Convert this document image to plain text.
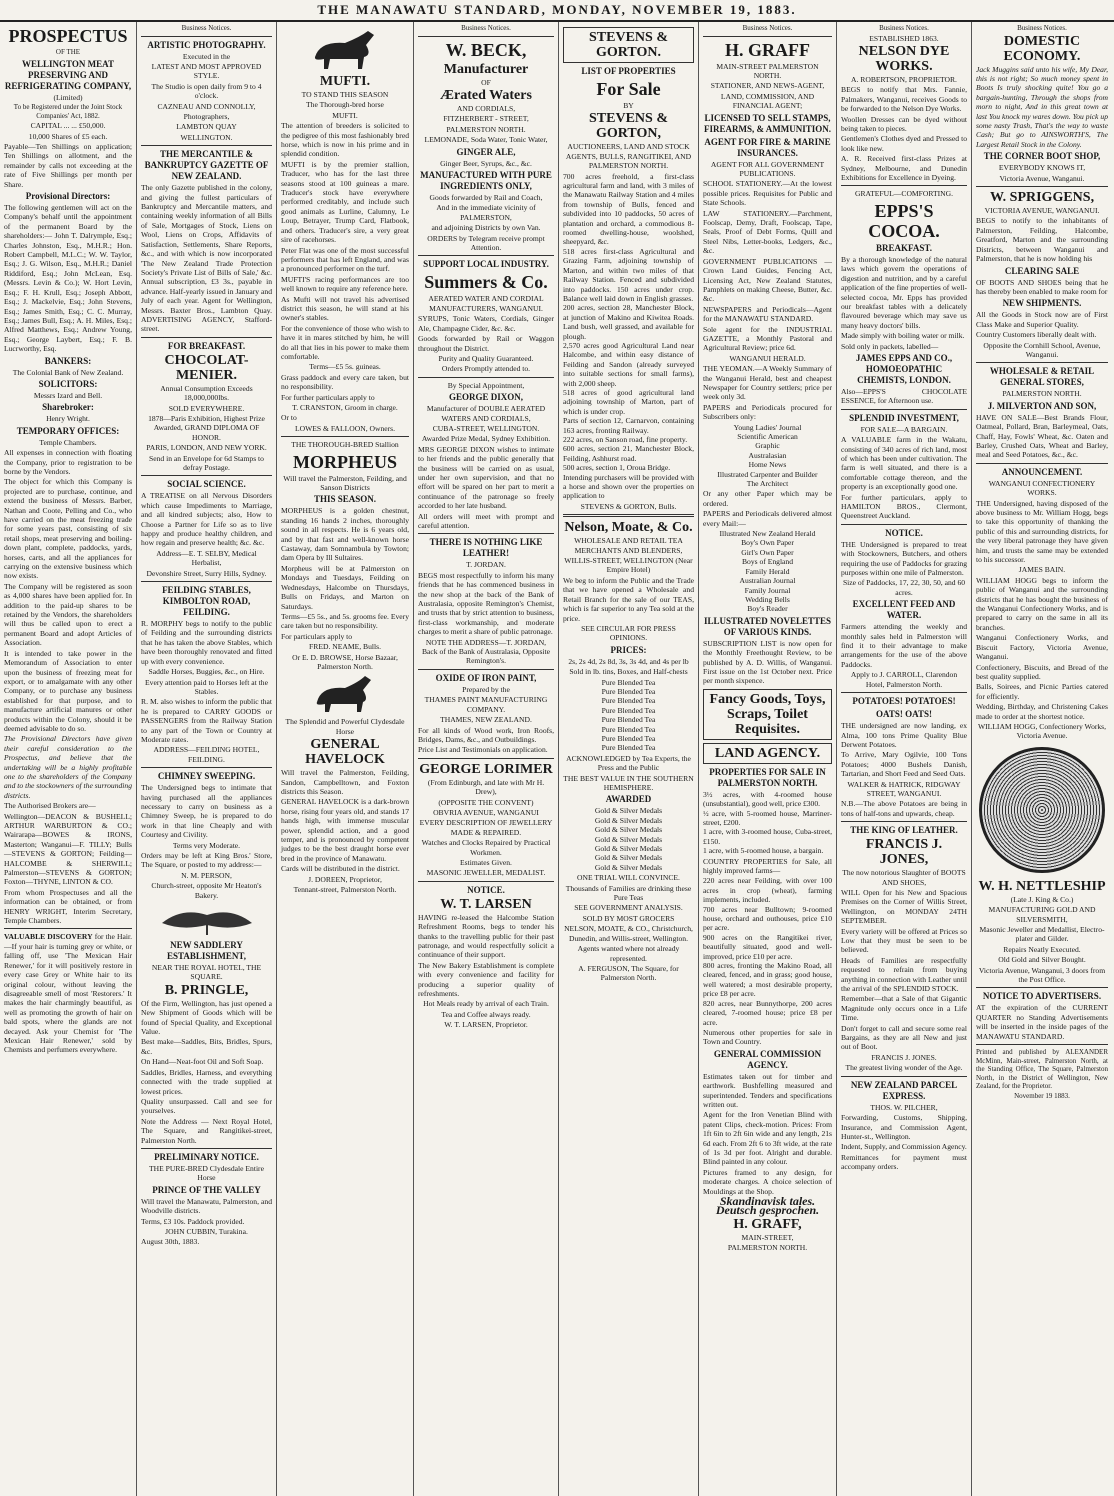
THE MANAWATU STANDARD, MONDAY, NOVEMBER 19, 1883.
PROSPECTUS
OF THE
WELLINGTON MEAT PRESERVING AND REFRIGERATING COMPANY,
(Limited)

To be Registered under the Joint Stock Companies' Act, 1882.

CAPITAL ... ... £50,000.

10,000 Shares of £5 each.

Payable—Ten Shillings on application; Ten Shillings on allotment, and the remainder by calls not exceeding at the rate of Five Shillings per month per Share.

Provisional Directors:

The following gentlemen will act on the Company's behalf until the appointment of the permanent Board by the shareholders:— John T. Dalrymple, Esq.; Charles Johnston, Esq., M.H.R.; Hon. Robert Campbell, M.L.C.; W. W. Taylor, Esq.; J. G. Wilson, Esq., M.H.R.; Daniel Riddiford, Esq.; John McLean, Esq. (Messrs. Levin & Co.); W. Hort Levin, Esq.; F. H. Krull, Esq.; Joseph Abbott, Esq.; J. Mackelvie, Esq.; John Stevens, Esq.; James Smith, Esq.; C. C. Murray, Esq.; James Bull, Esq.; A. H. Miles, Esq.; Alfred Matthews, Esq.; Andrew Young, Esq.; George Laybert, Esq.; F. B. Lucrworthy, Esq.

BANKERS:

The Colonial Bank of New Zealand.

SOLICITORS:

Messrs Izard and Bell.

Sharebroker:

Henry Wright.

TEMPORARY OFFICES:

Temple Chambers.

All expenses in connection with floating the Company, prior to registration to be borne by the Vendors.

The object for which this Company is projected are to purchase, continue, and extend the business of Messrs. Barber, Nathan and Coote, Pelling and Co., who have carried on the meat freezing trade for some years past, consisting of six retail shops, meat preserving and boiling-down plant, complete, paddocks, yards, horses, carts, and all the appliances for carrying on the extensive business which now exists.

The Company will be registered as soon as 4,000 shares have been applied for. In addition to the paid-up shares to be retained by the Vendors, the shareholders will thus be called upon to erect a permanent Board and adopt Articles of Association.

It is intended to take power in the Memorandum of Association to enter upon the business of freezing meat for export, or to amalgamate with any other Company, or to purchase any business established for that purpose, and to manufacture artificial manures or other products within the Colony, should it be deemed advisable to do so.

The Provisional Directors have given their careful consideration to the Prospectus, and believe that the undertaking will be a highly profitable one to the shareholders of the Company and to the stockowners of the surrounding districts.

The Authorised Brokers are—

Wellington—DEACON & BUSHELL; ARTHUR WARBURTON & CO.; Wairarapa—BOWES & IRONS, Masterton; Wanganui—F. TILLY; Bulls—STEVENS & GORTON; Feilding—HALCOMBE & SHERWILL; Palmerston—STEVENS & GORTON; Foxton—THYNE, LINTON & CO.

From whom Prospectuses and all the information can be obtained, or from HENRY WRIGHT, Interim Secretary, Temple Chambers.

VALUABLE DISCOVERY for the Hair.—If your hair is turning grey or white, or falling off, use 'The Mexican Hair Renewer,' for it will positively restore in every case Grey or White hair to its original colour, without leaving the disagreeable smell of most 'Restorers.' It makes the hair charmingly beautiful, as well as promoting the growth of hair on bald spots, where the glands are not decayed. Ask your Chemist for 'The Mexican Hair Renewer,' sold by Chemists and perfumers everywhere.

Business Notices.
ARTISTIC PHOTOGRAPHY.

Executed in the

LATEST AND MOST APPROVED STYLE.

The Studio is open daily from 9 to 4 o'clock.

CAZNEAU AND CONNOLLY,

Photographers,

LAMBTON QUAY

WELLINGTON.

THE MERCANTILE & BANKRUPTCY GAZETTE OF NEW ZEALAND.

The only Gazette published in the colony, and giving the fullest particulars of Bankruptcy and Mercantile matters, and containing weekly information of all Bills of Sale, Mortgages of Stock, Liens on Wool, Liens on Crops, Affidavits of Satisfaction, Settlements, Share Reports, &c., and with which is now incorporated 'The New Zealand Trade Protection Society's Private List of Bills of Sale,' &c. Annual subscription, £3 3s., payable in advance. Half-yearly issued in January and July of each year. Agent for Wellington, Messrs. Baxter Bros., Lambton Quay. ADVERTISING AGENCY, Stafford-street.

FOR BREAKFAST.
CHOCOLAT-MENIER.

Annual Consumption Exceeds 18,000,000lbs.

SOLD EVERYWHERE.

1878—Paris Exhibition, Highest Prize Awarded, GRAND DIPLOMA OF HONOR.

PARIS, LONDON, AND NEW YORK.

Send in an Envelope for 6d Stamps to defray Postage.

SOCIAL SCIENCE.

A TREATISE on all Nervous Disorders which cause Impediments to Marriage, and all kindred subjects; also, How to Choose a Partner for Life so as to live happy and produce healthy children, and how regain and preserve health; &c. &c.

Address—E. T. SELBY, Medical Herbalist,

Devonshire Street, Surry Hills, Sydney.

FEILDING STABLES, KIMBOLTON ROAD, FEILDING.

R. MORPHY begs to notify to the public of Feilding and the surrounding districts that he has taken the above Stables, which have been thoroughly renovated and fitted up with every convenience.

Saddle Horses, Buggies, &c., on Hire.

Every attention paid to Horses left at the Stables.

R. M. also wishes to inform the public that he is prepared to CARRY GOODS or PASSENGERS from the Railway Station to any part of the Town or Country at Moderate rates.

ADDRESS—FEILDING HOTEL, FEILDING.

CHIMNEY SWEEPING.

The Undersigned begs to intimate that having purchased all the appliances necessary to carry on business as a Chimney Sweep, he is prepared to do work in that line Cheaply and with Courtesy and Civility.

Terms very Moderate.

Orders may be left at King Bros.' Store, The Square, or posted to my address:—

N. M. PERSON,

Church-street, opposite Mr Heaton's Bakery.

NEW SADDLERY ESTABLISHMENT,

NEAR THE ROYAL HOTEL, THE SQUARE.

B. PRINGLE,

Of the Firm, Wellington, has just opened a New Shipment of Goods which will be found of Special Quality, and Exceptional Value.

Best make—Saddles, Bits, Bridles, Spurs, &c.

On Hand—Neat-foot Oil and Soft Soap.

Saddles, Bridles, Harness, and everything connected with the trade supplied at lowest prices.

Quality unsurpassed. Call and see for yourselves.

Note the Address — Next Royal Hotel, The Square, and Rangitikei-street, Palmerston North.

PRELIMINARY NOTICE.

THE PURE-BRED Clydesdale Entire Horse

PRINCE OF THE VALLEY

Will travel the Manawatu, Palmerston, and Woodville districts.

Terms, £3 10s. Paddock provided.

JOHN CUBBIN, Turakina.

August 30th, 1883.

MUFTI.

TO STAND THIS SEASON

The Thorough-bred horse

MUFTI.

The attention of breeders is solicited to the pedigree of this most fashionably bred horse, which is now in his prime and in splendid condition.

MUFTI is by the premier stallion, Traducer, who has for the last three seasons stood at 100 guineas a mare. Traducer's stock have everywhere performed creditably, and include such good animals as Lurline, Calumny, Le Loup, Betrayer, Trump Card, Flatbook, and others. Traducer's sire, a very great sire of racehorses.

Peter Flat was one of the most successful performers that has left England, and was a pronounced performer on the turf.

MUFTI'S racing performances are too well known to require any reference here.

As Mufti will not travel his advertised district this season, he will stand at his owner's stables.

For the convenience of those who wish to have it in mares stitched by him, he will do all that lies in his power to make them comfortable.

Terms—£5 5s. guineas.

Grass paddock and every care taken, but no responsibility.

For further particulars apply to

T. CRANSTON, Groom in charge.

Or to

LOWES & FALLOON, Owners.

THE THOROUGH-BRED Stallion

MORPHEUS

Will travel the Palmerston, Feilding, and Sanson Districts

THIS SEASON.

MORPHEUS is a golden chestnut, standing 16 hands 2 inches, thoroughly sound in all respects. He is 6 years old, and by that fast and well-known horse Castaway, dam Somnambula by Towton; dam Opera by Ill Sultaires.

Morpheus will be at Palmerston on Mondays and Tuesdays, Feilding on Wednesdays, Halcombe on Thursdays, Bulls on Fridays, and Marton on Saturdays.

Terms—£5 5s., and 5s. grooms fee. Every care taken but no responsibility.

For particulars apply to

FRED. NEAME, Bulls.

Or E. D. BROWSE, Horse Bazaar, Palmerston North.

The Splendid and Powerful Clydesdale Horse

GENERAL HAVELOCK

Will travel the Palmerston, Feilding, Sandon, Campbelltown, and Foxton districts this Season.

GENERAL HAVELOCK is a dark-brown horse, rising four years old, and stands 17 hands high, with immense muscular power, splendid action, and a good temper, and is pronounced by competent judges to be the best draught horse ever bred in the province of Manawatu.

Cards will be distributed in the district.

J. DOREEN, Proprietor,

Tennant-street, Palmerston North.

Business Notices.
W. BECK,
Manufacturer

OF

Ærated Waters

AND CORDIALS,

FITZHERBERT - STREET,

PALMERSTON NORTH.

LEMONADE, Soda Water, Tonic Water,

GINGER ALE,

Ginger Beer, Syrups, &c., &c.

MANUFACTURED WITH PURE INGREDIENTS ONLY,

Goods forwarded by Rail and Coach,

And in the immediate vicinity of PALMERSTON,

and adjoining Districts by own Van.

ORDERS by Telegram receive prompt Attention.

SUPPORT LOCAL INDUSTRY.
Summers & Co.

AERATED WATER AND CORDIAL MANUFACTURERS, WANGANUI.

SYRUPS, Tonic Waters, Cordials, Ginger Ale, Champagne Cider, &c. &c.

Goods forwarded by Rail or Waggon throughout the District.

Purity and Quality Guaranteed.

Orders Promptly attended to.

By Special Appointment,

GEORGE DIXON,

Manufacturer of DOUBLE AERATED WATERS AND CORDIALS,

CUBA-STREET, WELLINGTON.

Awarded Prize Medal, Sydney Exhibition.

MRS GEORGE DIXON wishes to intimate to her friends and the public generally that the business will be carried on as usual, under her own supervision, and that no effort will be spared on her part to merit a continuance of the patronage so freely accorded to her late husband.

All orders will meet with prompt and careful attention.

THERE IS NOTHING LIKE LEATHER!

T. JORDAN.

BEGS most respectfully to inform his many friends that he has commenced business in the new shop at the back of the Bank of Australasia, opposite Remington's Chemist, and trusts that by strict attention to business, first-class workmanship, and moderate charges to merit a share of public patronage.

NOTE THE ADDRESS—T. JORDAN, Back of the Bank of Australasia, Opposite Remington's.

OXIDE OF IRON PAINT,

Prepared by the

THAMES PAINT MANUFACTURING COMPANY.

THAMES, NEW ZEALAND.

For all kinds of Wood work, Iron Roofs, Bridges, Dams, &c., and Outbuildings.

Price List and Testimonials on application.

GEORGE LORIMER

(From Edinburgh, and late with Mr H. Drew),

(OPPOSITE THE CONVENT)

OBVRIA AVENUE, WANGANUI

EVERY DESCRIPTION OF JEWELLERY MADE & REPAIRED.

Watches and Clocks Repaired by Practical Workmen.

Estimates Given.

MASONIC JEWELLER, MEDALIST.

NOTICE.
W. T. LARSEN

HAVING re-leased the Halcombe Station Refreshment Rooms, begs to tender his thanks to the travelling public for their past patronage, and would respectfully solicit a continuance of their support.

The New Bakery Establishment is complete with every convenience and facility for producing a superior quality of refreshments.

Hot Meals ready by arrival of each Train.

Tea and Coffee always ready.

W. T. LARSEN, Proprietor.

STEVENS & GORTON.
LIST OF PROPERTIES
For Sale

BY

STEVENS & GORTON,

AUCTIONEERS, LAND AND STOCK AGENTS, BULLS, RANGITIKEI, AND PALMERSTON NORTH.

700 acres freehold, a first-class agricultural farm and land, with 3 miles of the Manawatu Railway Station and 4 miles from township of Bulls, fenced and subdivided into 10 paddocks, 50 acres of plantation and orchard, a commodious 8-roomed dwelling-house, woolshed, sheepyard, &c.

518 acres first-class Agricultural and Grazing Farm, adjoining township of Marton, and within two miles of that Railway Station. Fenced and subdivided into paddocks. 150 acres under crop. Balance well laid down in English grasses.

200 acres, section 28, Manchester Block, at junction of Makino and Kiwitea Roads. Land bush, well grassed, and available for plough.

2,570 acres good Agricultural Land near Halcombe, and within easy distance of Feilding and Sandon (already surveyed into suitable sections for small farms), with 2,000 sheep.

518 acres of good agricultural land adjoining township of Marton, part of which is under crop.

Parts of section 12, Carnarvon, containing 163 acres, fronting Railway.

222 acres, on Sanson road, fine property.

600 acres, section 21, Manchester Block, Feilding, Ashhurst road.

500 acres, section 1, Oroua Bridge.

Intending purchasers will be provided with a horse and shown over the properties on application to

STEVENS & GORTON, Bulls.

Nelson, Moate, & Co.

WHOLESALE AND RETAIL TEA MERCHANTS AND BLENDERS,

WILLIS-STREET, WELLINGTON (Near Empire Hotel)

We beg to inform the Public and the Trade that we have opened a Wholesale and Retail Branch for the sale of our TEAS, which is far superior to any Tea sold at the price.

SEE CIRCULAR FOR PRESS OPINIONS.

PRICES:

2s, 2s 4d, 2s 8d, 3s, 3s 4d, and 4s per lb

Sold in lb. tins, Boxes, and Half-chests

Pure Blended Tea

Pure Blended Tea

Pure Blended Tea

Pure Blended Tea

Pure Blended Tea

Pure Blended Tea

Pure Blended Tea

Pure Blended Tea

ACKNOWLEDGED by Tea Experts, the Press and the Public

THE BEST VALUE IN THE SOUTHERN HEMISPHERE.

AWARDED

Gold & Silver Medals

Gold & Silver Medals

Gold & Silver Medals

Gold & Silver Medals

Gold & Silver Medals

Gold & Silver Medals

Gold & Silver Medals

ONE TRIAL WILL CONVINCE.

Thousands of Families are drinking these Pure Teas

SEE GOVERNMENT ANALYSIS.

SOLD BY MOST GROCERS

NELSON, MOATE, & CO., Christchurch, Dunedin, and Willis-street, Wellington.

Agents wanted where not already represented.

A. FERGUSON, The Square, for Palmerston North.

Business Notices.
H. GRAFF

MAIN-STREET PALMERSTON NORTH.

STATIONER, AND NEWS-AGENT,

LAND, COMMISSION, AND FINANCIAL AGENT;

LICENSED TO SELL STAMPS, FIREARMS, & AMMUNITION.
AGENT FOR FIRE & MARINE INSURANCES.

AGENT FOR ALL GOVERNMENT PUBLICATIONS.

SCHOOL STATIONERY.—At the lowest possible prices. Requisites for Public and State Schools.

LAW STATIONERY.—Parchment, Foolscap, Demy, Draft, Foolscap, Tape, Seals, Proof of Debt Forms, Quill and Steel Nibs, Letter-books, Ledgers, &c., &c.

GOVERNMENT PUBLICATIONS — Crown Land Guides, Fencing Act, Licensing Act, New Zealand Statutes, Pamphlets on making Cheese, Butter, &c. &c.

NEWSPAPERS and Periodicals—Agent for the MANAWATU STANDARD.

Sole agent for the INDUSTRIAL GAZETTE, a Monthly Pastoral and Agricultural Review; price 6d.

WANGANUI HERALD.

THE YEOMAN.—A Weekly Summary of the Wanganui Herald, best and cheapest Newspaper for Country settlers; price per week only 3d.

PAPERS and Periodicals procured for Subscribers only:

Young Ladies' Journal

Scientific American

Graphic

Australasian

Home News

Illustrated Carpenter and Builder

The Architect

Or any other Paper which may be ordered.

PAPERS and Periodicals delivered almost every Mail:—

Illustrated New Zealand Herald

Boy's Own Paper

Girl's Own Paper

Boys of England

Family Herald

Australian Journal

Family Journal

Wedding Bells

Boy's Reader

ILLUSTRATED NOVELETTES OF VARIOUS KINDS.

SUBSCRIPTION LIST is now open for the Monthly Freethought Review, to be published by A. D. Willis, of Wanganui. First issue on the 1st October next. Price per month sixpence.

Fancy Goods, Toys, Scraps, Toilet Requisites.
LAND AGENCY.
PROPERTIES FOR SALE IN PALMERSTON NORTH.

3½ acres, with 4-roomed house (unsubstantial), good well, price £300.

½ acre, with 5-roomed house, Marriner-street, £200.

1 acre, with 3-roomed house, Cuba-street, £150.

1 acre, with 5-roomed house, a bargain.

COUNTRY PROPERTIES for Sale, all highly improved farms—

220 acres near Feilding, with over 100 acres in crop (wheat), farming implements, included.

700 acres near Bulltown; 9-roomed house, orchard and outhouses, price £10 per acre.

900 acres on the Rangitikei river, beautifully situated, good and well-improved, price £10 per acre.

800 acres, fronting the Makino Road, all cleared, fenced, and in grass; good house, well watered; a most desirable property, price £8 per acre.

820 acres, near Bunnythorpe, 200 acres cleared, 7-roomed house; price £8 per acre.

Numerous other properties for sale in Town and Country.

GENERAL COMMISSION AGENCY.

Estimates taken out for timber and earthwork. Bushfelling measured and superintended. Tenders and specifications written out.

Agent for the Iron Venetian Blind with patent Clips, check-motion. Prices: From 1ft 6in to 2ft 6in wide and any length, 21s 6d each. From 2ft 6 to 3ft wide, at the rate of 1s 3d per foot. Alright and durable. Blind painted in any colour.

Pictures framed to any design, for moderate charges. A choice selection of Mouldings at the Shop.

Skandinavisk tales. Deutsch gesprochen.
H. GRAFF,

MAIN-STREET,

PALMERSTON NORTH.

Business Notices.

ESTABLISHED 1863.

NELSON DYE WORKS.

A. ROBERTSON, PROPRIETOR.

BEGS to notify that Mrs. Fannie, Palmakers, Wanganui, receives Goods to be forwarded to the Nelson Dye Works.

Woollen Dresses can be dyed without being taken to pieces.

Gentlemen's Clothes dyed and Pressed to look like new.

A. R. Received first-class Prizes at Sydney, Melbourne, and Dunedin Exhibitions for Excellence in Dyeing.

GRATEFUL—COMFORTING.

EPPS'S COCOA.
BREAKFAST.

By a thorough knowledge of the natural laws which govern the operations of digestion and nutrition, and by a careful application of the fine properties of well-selected cocoa, Mr. Epps has provided our breakfast tables with a delicately flavoured beverage which may save us many heavy doctors' bills.

Made simply with boiling water or milk.

Sold only in packets, labelled—

JAMES EPPS AND CO., HOMOEOPATHIC CHEMISTS, LONDON.

Also—EPPS'S CHOCOLATE ESSENCE, for Afternoon use.

SPLENDID INVESTMENT,

FOR SALE—A BARGAIN.

A VALUABLE farm in the Wakatu, consisting of 340 acres of rich land, most of which has been under cultivation. The farm is well situated, and there is a comfortable cottage thereon, and the property is an exceptionally good one.

For further particulars, apply to HAMILTON BROS., Clermont, Queenstreet Auckland.

NOTICE.

THE Undersigned is prepared to treat with Stockowners, Butchers, and others requiring the use of Paddocks for grazing purposes within one mile of Palmerston.

Size of Paddocks, 17, 22, 30, 50, and 60 acres.

EXCELLENT FEED AND WATER.

Farmers attending the weekly and monthly sales held in Palmerston will find it to their advantage to make arrangements for the use of the above Paddocks.

Apply to J. CARROLL, Clarendon Hotel, Palmerston North.

POTATOES! POTATOES!
OATS! OATS!

THE undersigned are now landing, ex Alma, 100 tons Prime Quality Blue Derwent Potatoes.

To Arrive, Mary Ogilvie, 100 Tons Potatoes; 4000 Bushels Danish, Tartarian, and Short Feed and Seed Oats.

WALKER & HATRICK, RIDGWAY STREET, WANGANUI.

N.B.—The above Potatoes are being in tons of half-tons and upwards, cheap.

THE KING OF LEATHER.
FRANCIS J. JONES,

The now notorious Slaughter of BOOTS AND SHOES,

WILL Open for his New and Spacious Premises on the Corner of Willis Street, Wellington, on MONDAY 24TH SEPTEMBER.

Every variety will be offered at Prices so Low that they must be seen to be believed.

Heads of Families are respectfully requested to refrain from buying anything in connection with Leather until the arrival of the SPLENDID STOCK.

Remember—that a Sale of that Gigantic Magnitude only occurs once in a Life Time.

Don't forget to call and secure some real Bargains, as they are all New and just out of Boot.

FRANCIS J. JONES.

The greatest living wonder of the Age.

NEW ZEALAND PARCEL EXPRESS.

THOS. W. PILCHER,

Forwarding, Customs, Shipping, Insurance, and Commission Agent, Hunter-st., Wellington.

Indent, Supply, and Commission Agency.

Remittances for payment must accompany orders.

Business Notices.
DOMESTIC ECONOMY.

Jack Muggins said unto his wife, My Dear, this is not right; So much money spent in Boots Is truly shocking quite! You go a bargain-hunting, Through the shops from morn to night, And in this great town at last You knock my wares down. You pick up some nasty Trash, That's the way to waste Cash; But go to AINSWORTH'S, The Largest Retail Stock in the Colony.

THE CORNER BOOT SHOP,

EVERYBODY KNOWS IT,

Victoria Avenue, Wanganui.

W. SPRIGGENS,

VICTORIA AVENUE, WANGANUI.

BEGS to notify to the inhabitants of Palmerston, Feilding, Halcombe, Greatford, Marton and the surrounding Districts, between Wanganui and Palmerston, that he is now holding his

CLEARING SALE

OF BOOTS AND SHOES being that he has thereby been enabled to make room for

NEW SHIPMENTS.

All the Goods in Stock now are of First Class Make and Superior Quality.

Country Customers liberally dealt with.

Opposite the Cornhill School, Avenue, Wanganui.

WHOLESALE & RETAIL GENERAL STORES,

PALMERSTON NORTH.

J. MILVERTON AND SON,

HAVE ON SALE—Best Brands Flour, Oatmeal, Pollard, Bran, Barleymeal, Oats, Chaff, Hay, Fowls' Wheat, &c. Oaten and Barley, Crushed Oats, Wheat and Barley, meal and Seed Potatoes, &c., &c.

ANNOUNCEMENT.

WANGANUI CONFECTIONERY WORKS.

THE Undersigned, having disposed of the above business to Mr. William Hogg, begs to take this opportunity of thanking the public of this and surrounding districts, for the very liberal patronage they have given him, and trusts the same may be extended to his successor.

JAMES BAIN.

WILLIAM HOGG begs to inform the public of Wanganui and the surrounding districts that he has bought the business of the Wanganui Confectionery Works, and is prepared to carry on the same in all its branches.

Wanganui Confectionery Works, and Biscuit Factory, Victoria Avenue, Wanganui.

Confectionery, Biscuits, and Bread of the best quality supplied.

Balls, Soirees, and Picnic Parties catered for efficiently.

Wedding, Birthday, and Christening Cakes made to order at the shortest notice.

WILLIAM HOGG, Confectionery Works, Victoria Avenue.

W. H. NETTLESHIP

(Late J. King & Co.)

MANUFACTURING GOLD AND SILVERSMITH,

Masonic Jeweller and Medallist, Electro-plater and Gilder.

Repairs Neatly Executed.

Old Gold and Silver Bought.

Victoria Avenue, Wanganui, 3 doors from the Post Office.

NOTICE TO ADVERTISERS.

AT the expiration of the CURRENT QUARTER no Standing Advertisements will be inserted in the inside pages of the MANAWATU STANDARD.

Printed and published by ALEXANDER McMinn, Main-street, Palmerston North, at the Standing Office, The Square, Palmerston North, in the District of Wellington, New Zealand, for the Proprietor.

November 19 1883.
